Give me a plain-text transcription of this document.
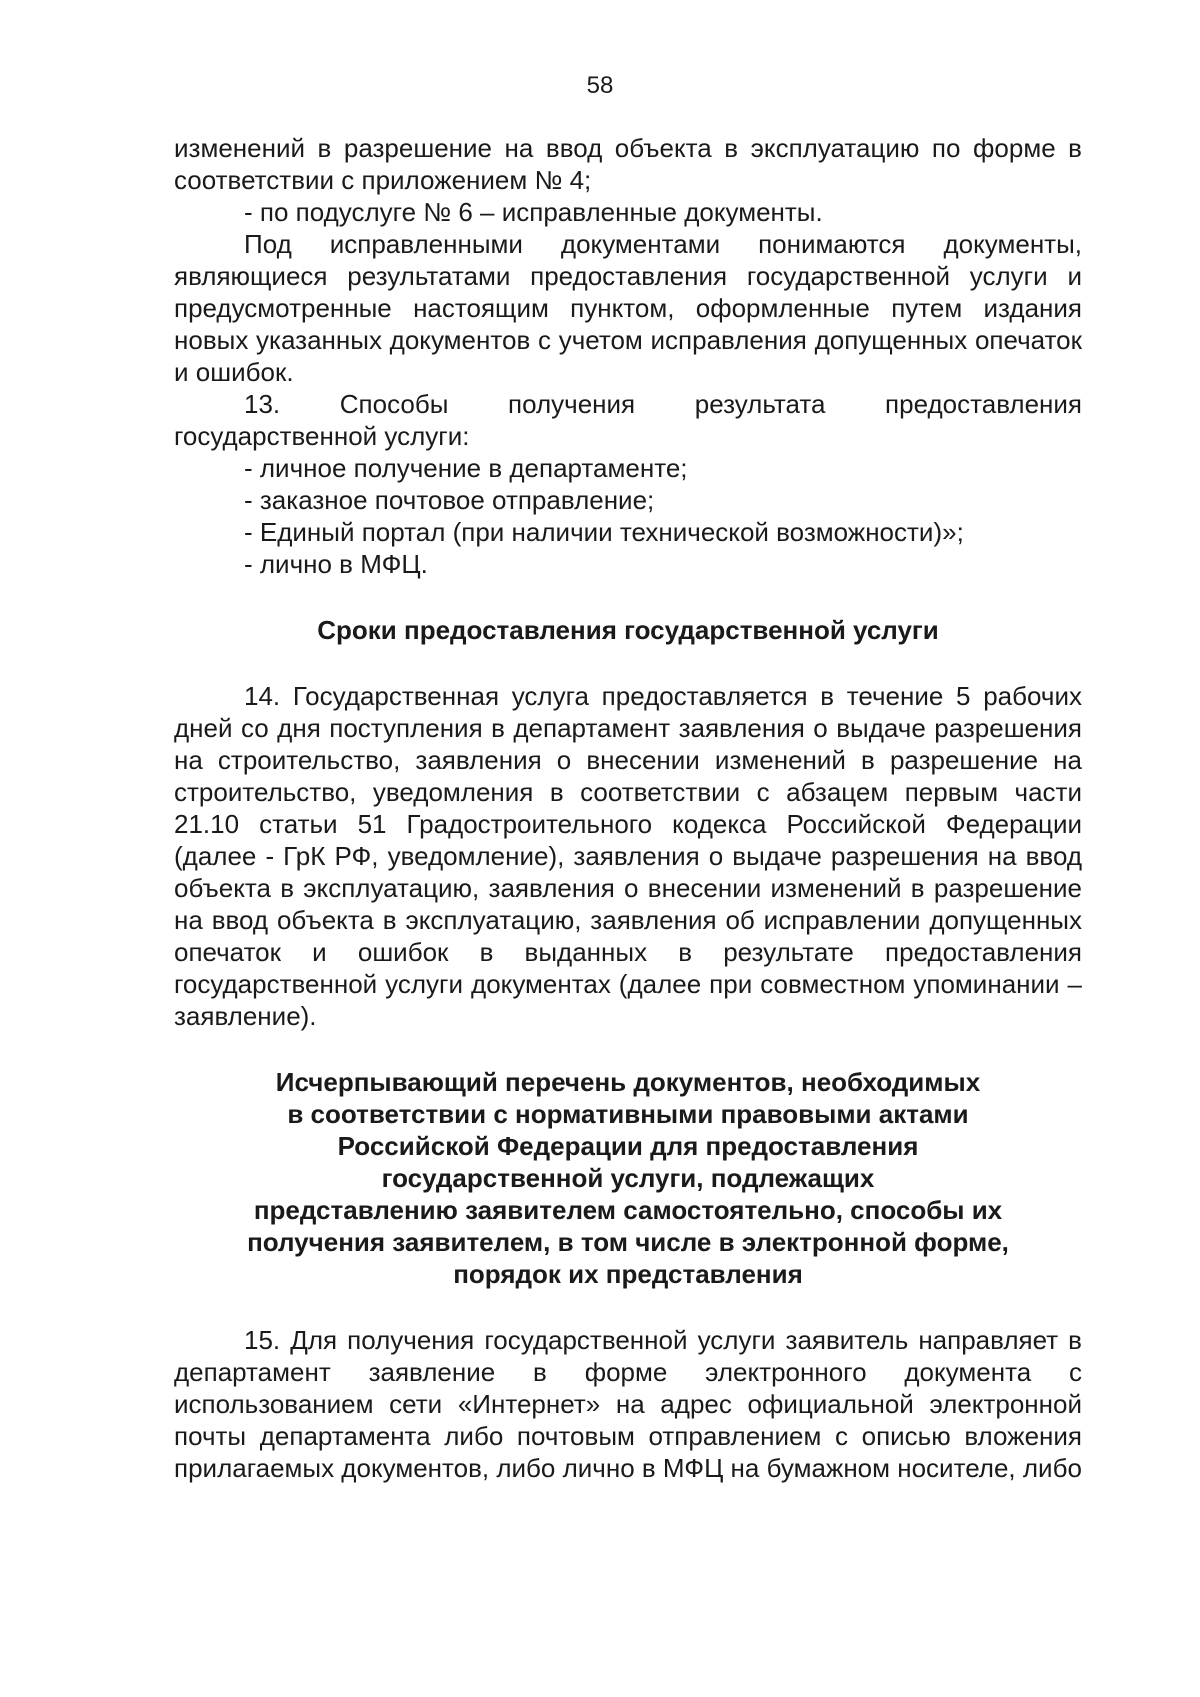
58

изменений в разрешение на ввод объекта в эксплуатацию по форме в соответствии с приложением № 4;

- по подуслуге № 6 – исправленные документы.

Под исправленными документами понимаются документы, являющиеся результатами предоставления государственной услуги и предусмотренные настоящим пунктом, оформленные путем издания новых указанных документов с учетом исправления допущенных опечаток и ошибок.

13. Способы получения результата предоставления государственной услуги:

- личное получение в департаменте;

- заказное почтовое отправление;

- Единый портал (при наличии технической возможности)»;

- лично в МФЦ.

Сроки предоставления государственной услуги

14. Государственная услуга предоставляется в течение 5 рабочих дней со дня поступления в департамент заявления о выдаче разрешения на строительство, заявления о внесении изменений в разрешение на строительство, уведомления в соответствии с абзацем первым части 21.10 статьи 51 Градостроительного кодекса Российской Федерации (далее - ГрК РФ, уведомление), заявления о выдаче разрешения на ввод объекта в эксплуатацию, заявления о внесении изменений в разрешение на ввод объекта в эксплуатацию, заявления об исправлении допущенных опечаток и ошибок в выданных в результате предоставления государственной услуги документах (далее при совместном упоминании – заявление).

Исчерпывающий перечень документов, необходимых
в соответствии с нормативными правовыми актами
Российской Федерации для предоставления
государственной услуги, подлежащих
представлению заявителем самостоятельно, способы их
получения заявителем, в том числе в электронной форме,
порядок их представления

15. Для получения государственной услуги заявитель направляет в департамент заявление в форме электронного документа с использованием сети «Интернет» на адрес официальной электронной почты департамента либо почтовым отправлением с описью вложения прилагаемых документов, либо лично в МФЦ на бумажном носителе, либо
